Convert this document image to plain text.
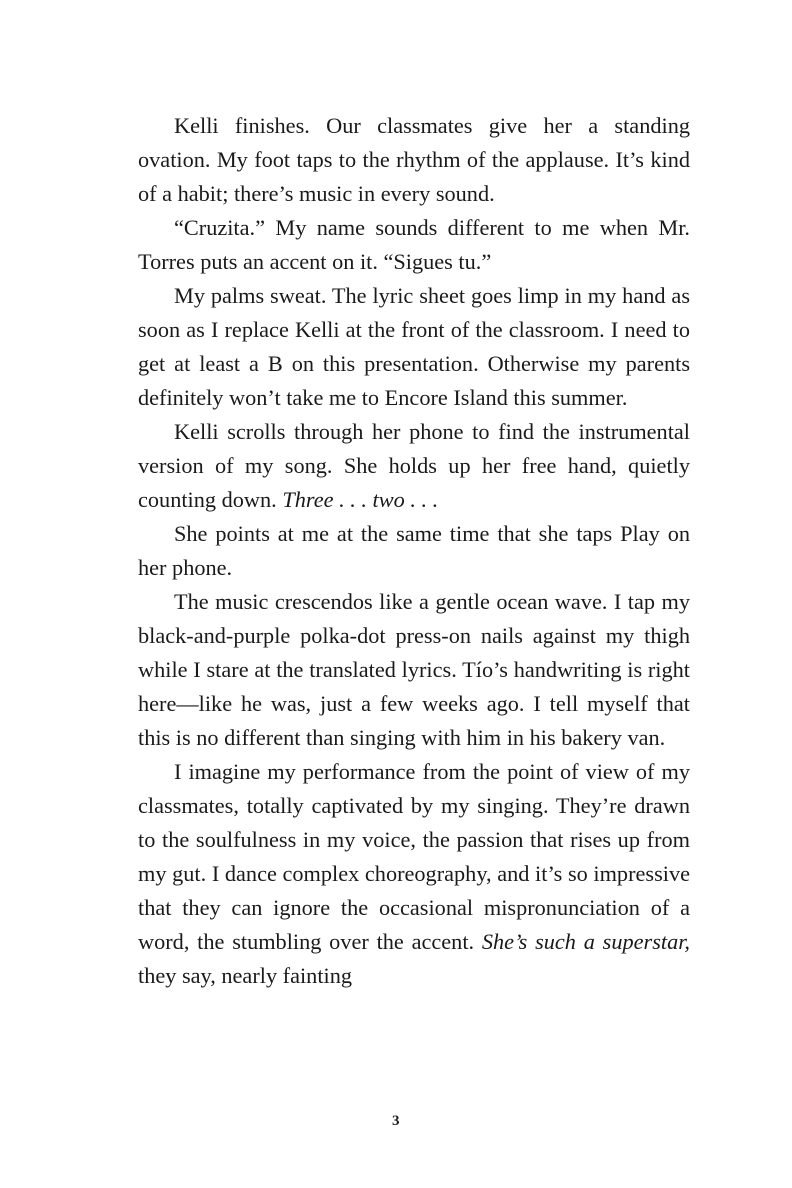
Kelli finishes. Our classmates give her a standing ovation. My foot taps to the rhythm of the applause. It’s kind of a habit; there’s music in every sound.

“Cruzita.” My name sounds different to me when Mr. Torres puts an accent on it. “Sigues tu.”

My palms sweat. The lyric sheet goes limp in my hand as soon as I replace Kelli at the front of the classroom. I need to get at least a B on this presentation. Otherwise my parents definitely won’t take me to Encore Island this summer.

Kelli scrolls through her phone to find the instrumental version of my song. She holds up her free hand, quietly counting down. Three . . . two . . .

She points at me at the same time that she taps Play on her phone.

The music crescendos like a gentle ocean wave. I tap my black-and-purple polka-dot press-on nails against my thigh while I stare at the translated lyrics. Tío’s handwriting is right here—like he was, just a few weeks ago. I tell myself that this is no different than singing with him in his bakery van.

I imagine my performance from the point of view of my classmates, totally captivated by my singing. They’re drawn to the soulfulness in my voice, the passion that rises up from my gut. I dance complex choreography, and it’s so impressive that they can ignore the occasional mispronunciation of a word, the stumbling over the accent. She’s such a superstar, they say, nearly fainting

3
